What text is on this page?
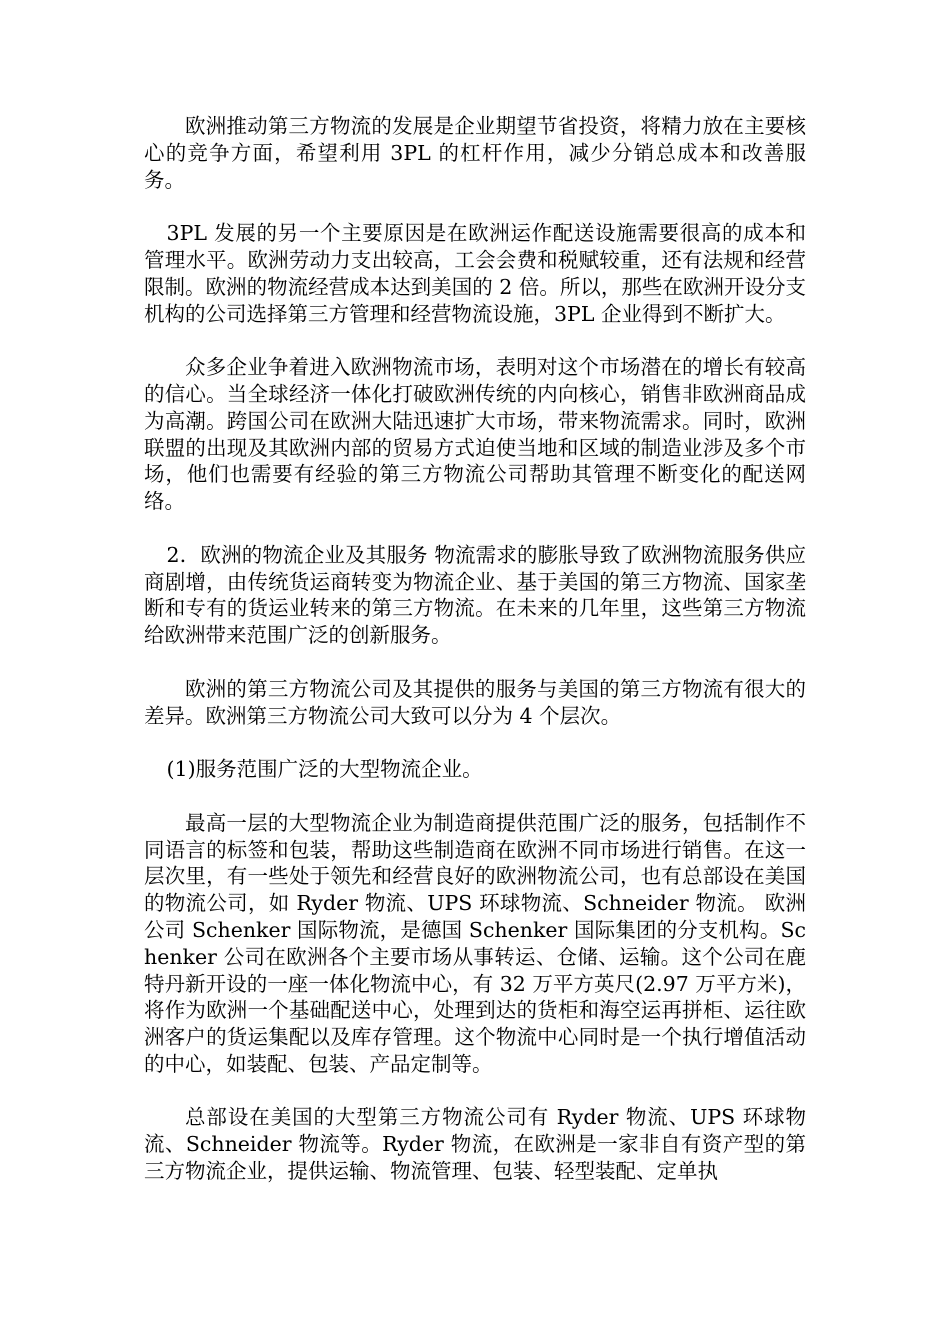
欧洲推动第三方物流的发展是企业期望节省投资，将精力放在主要核心的竞争方面，希望利用 3PL 的杠杆作用，减少分销总成本和改善服务。

3PL 发展的另一个主要原因是在欧洲运作配送设施需要很高的成本和管理水平。欧洲劳动力支出较高，工会会费和税赋较重，还有法规和经营限制。欧洲的物流经营成本达到美国的 2 倍。所以，那些在欧洲开设分支机构的公司选择第三方管理和经营物流设施，3PL 企业得到不断扩大。

众多企业争着进入欧洲物流市场，表明对这个市场潜在的增长有较高的信心。当全球经济一体化打破欧洲传统的内向核心，销售非欧洲商品成为高潮。跨国公司在欧洲大陆迅速扩大市场，带来物流需求。同时，欧洲联盟的出现及其欧洲内部的贸易方式迫使当地和区域的制造业涉及多个市场，他们也需要有经验的第三方物流公司帮助其管理不断变化的配送网络。

2．欧洲的物流企业及其服务 物流需求的膨胀导致了欧洲物流服务供应商剧增，由传统货运商转变为物流企业、基于美国的第三方物流、国家垄断和专有的货运业转来的第三方物流。在未来的几年里，这些第三方物流给欧洲带来范围广泛的创新服务。

欧洲的第三方物流公司及其提供的服务与美国的第三方物流有很大的差异。欧洲第三方物流公司大致可以分为 4 个层次。

(1)服务范围广泛的大型物流企业。

最高一层的大型物流企业为制造商提供范围广泛的服务，包括制作不同语言的标签和包装，帮助这些制造商在欧洲不同市场进行销售。在这一层次里，有一些处于领先和经营良好的欧洲物流公司，也有总部设在美国的物流公司，如 Ryder 物流、UPS 环球物流、Schneider 物流。 欧洲公司 Schenker 国际物流，是德国 Schenker 国际集团的分支机构。Schenker 公司在欧洲各个主要市场从事转运、仓储、运输。这个公司在鹿特丹新开设的一座一体化物流中心，有 32 万平方英尺(2.97 万平方米)，将作为欧洲一个基础配送中心，处理到达的货柜和海空运再拼柜、运往欧洲客户的货运集配以及库存管理。这个物流中心同时是一个执行增值活动的中心，如装配、包装、产品定制等。

总部设在美国的大型第三方物流公司有 Ryder 物流、UPS 环球物流、Schneider 物流等。Ryder 物流，在欧洲是一家非自有资产型的第三方物流企业，提供运输、物流管理、包装、轻型装配、定单执
